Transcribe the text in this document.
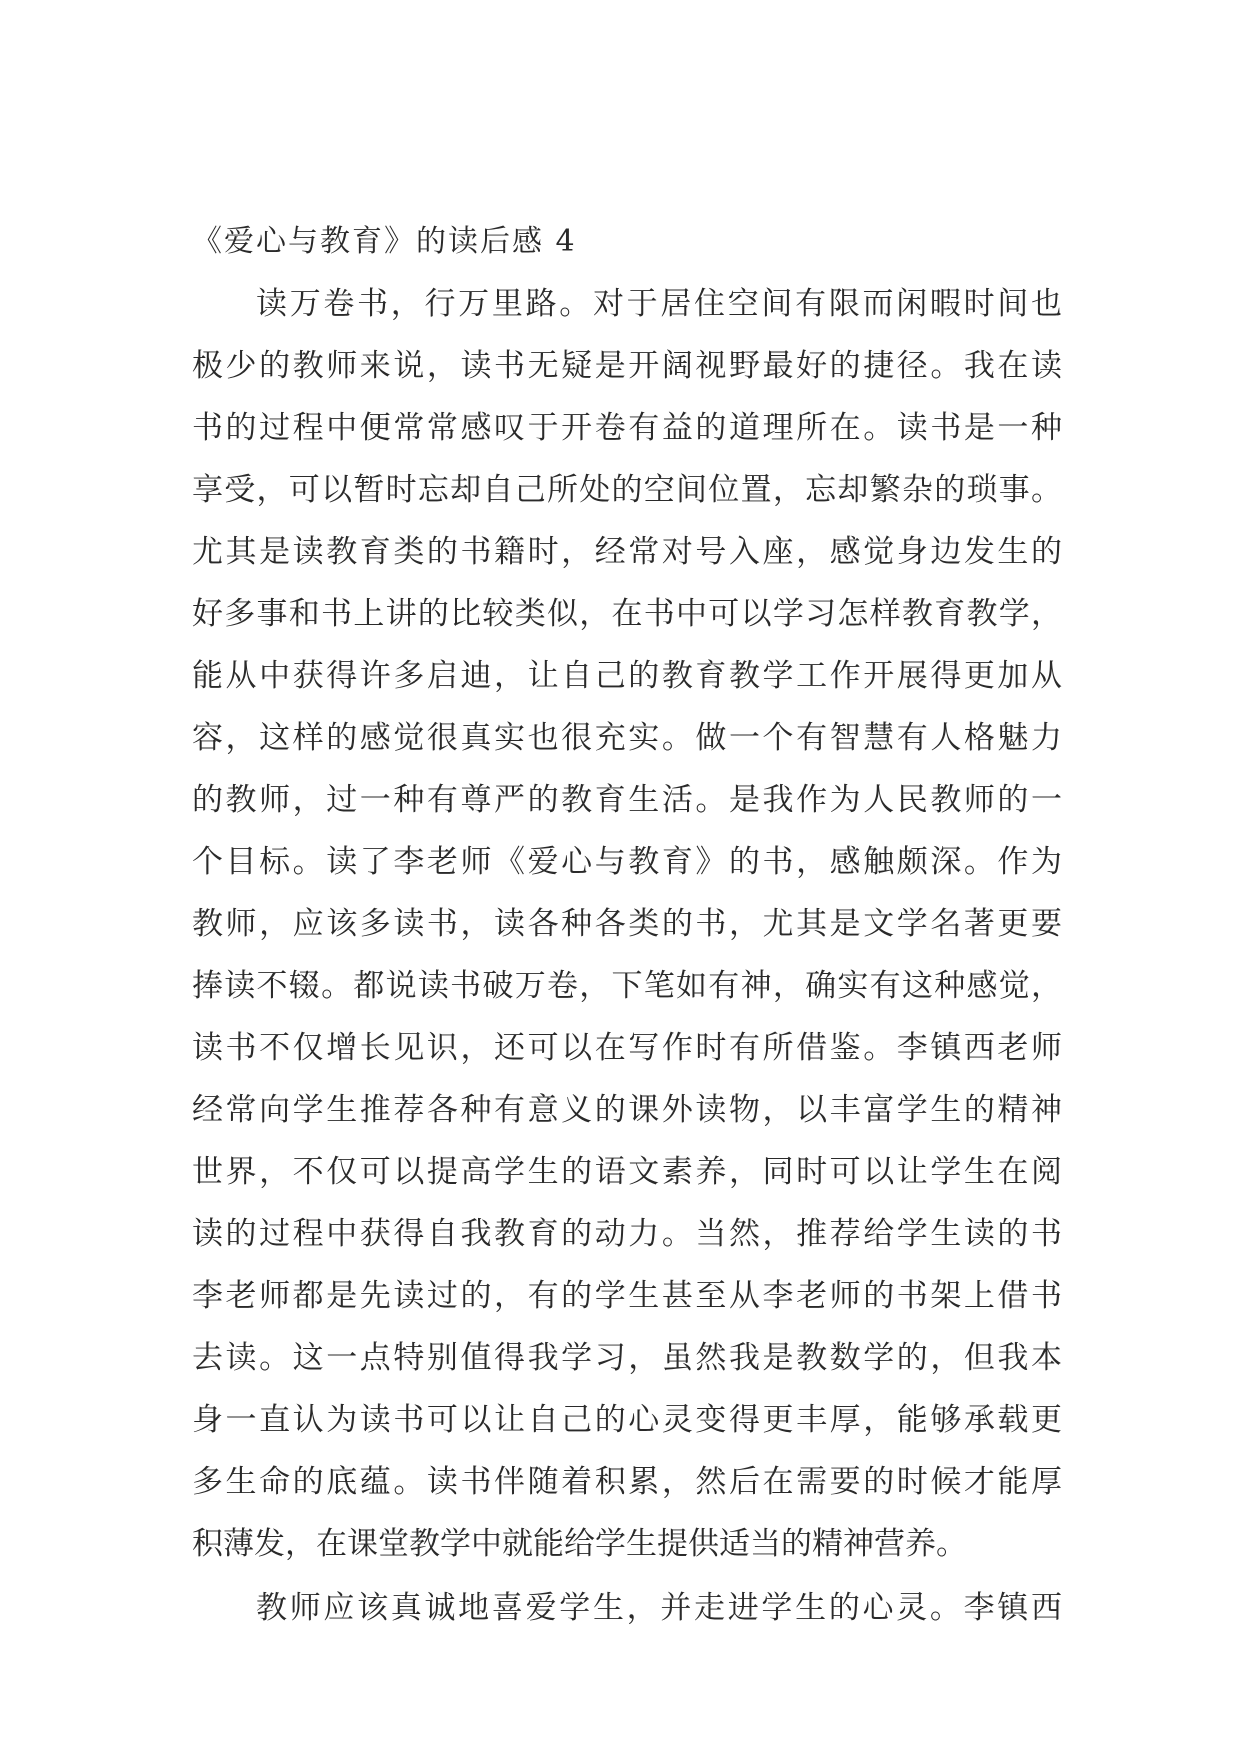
《爱心与教育》的读后感 4
读万卷书，行万里路。对于居住空间有限而闲暇时间也
极少的教师来说，读书无疑是开阔视野最好的捷径。我在读
书的过程中便常常感叹于开卷有益的道理所在。读书是一种
享受，可以暂时忘却自己所处的空间位置，忘却繁杂的琐事。
尤其是读教育类的书籍时，经常对号入座，感觉身边发生的
好多事和书上讲的比较类似，在书中可以学习怎样教育教学，
能从中获得许多启迪，让自己的教育教学工作开展得更加从
容，这样的感觉很真实也很充实。做一个有智慧有人格魅力
的教师，过一种有尊严的教育生活。是我作为人民教师的一
个目标。读了李老师《爱心与教育》的书，感触颇深。作为
教师，应该多读书，读各种各类的书，尤其是文学名著更要
捧读不辍。都说读书破万卷，下笔如有神，确实有这种感觉，
读书不仅增长见识，还可以在写作时有所借鉴。李镇西老师
经常向学生推荐各种有意义的课外读物，以丰富学生的精神
世界，不仅可以提高学生的语文素养，同时可以让学生在阅
读的过程中获得自我教育的动力。当然，推荐给学生读的书
李老师都是先读过的，有的学生甚至从李老师的书架上借书
去读。这一点特别值得我学习，虽然我是教数学的，但我本
身一直认为读书可以让自己的心灵变得更丰厚，能够承载更
多生命的底蕴。读书伴随着积累，然后在需要的时候才能厚
积薄发，在课堂教学中就能给学生提供适当的精神营养。
教师应该真诚地喜爱学生，并走进学生的心灵。李镇西
